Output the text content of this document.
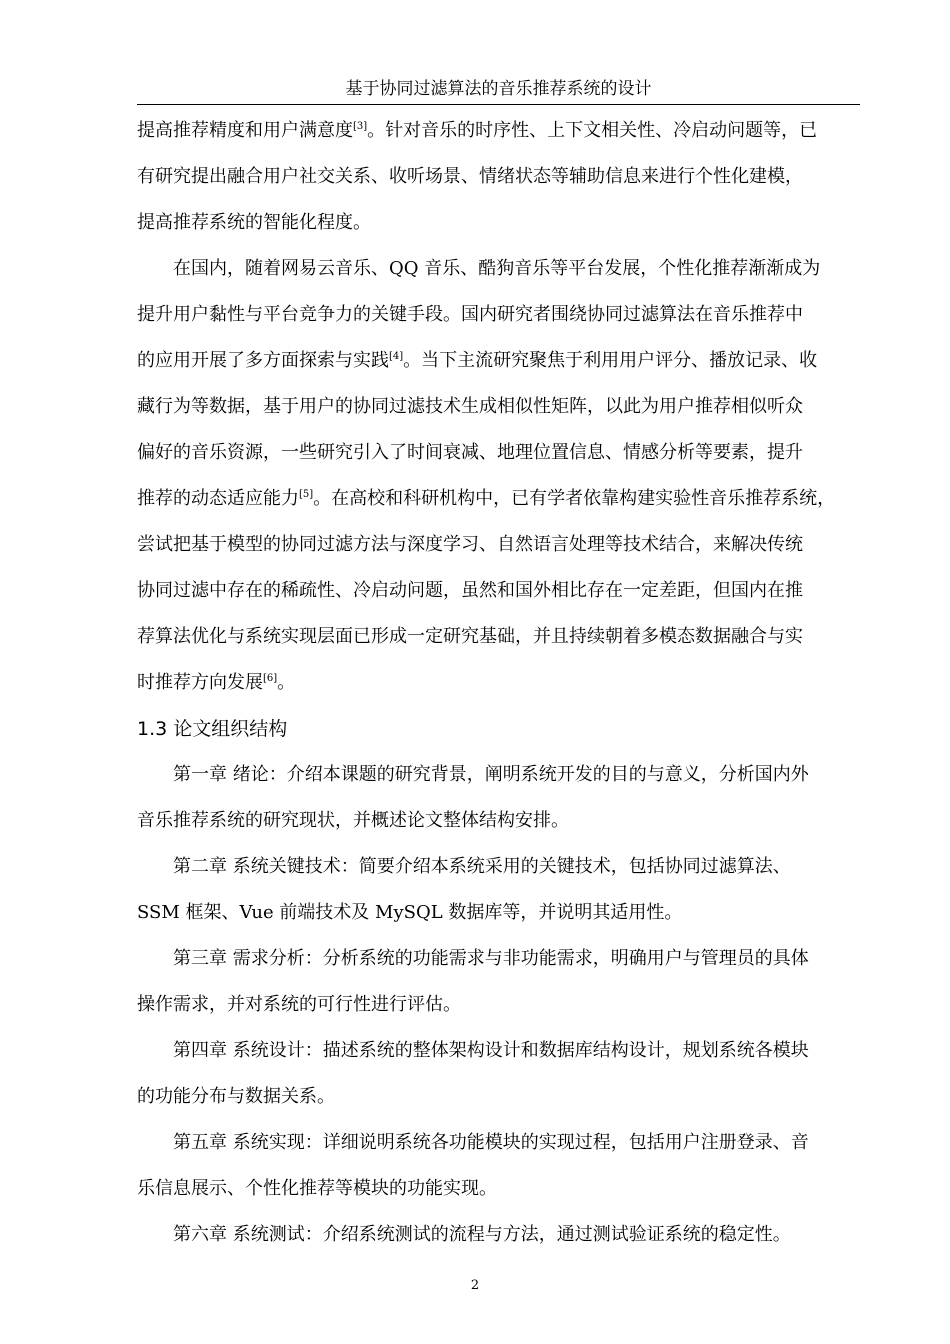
基于协同过滤算法的音乐推荐系统的设计

提高推荐精度和用户满意度[3]。针对音乐的时序性、上下文相关性、冷启动问题等，已
有研究提出融合用户社交关系、收听场景、情绪状态等辅助信息来进行个性化建模，
提高推荐系统的智能化程度。

在国内，随着网易云音乐、QQ 音乐、酷狗音乐等平台发展，个性化推荐渐渐成为
提升用户黏性与平台竞争力的关键手段。国内研究者围绕协同过滤算法在音乐推荐中
的应用开展了多方面探索与实践[4]。当下主流研究聚焦于利用用户评分、播放记录、收
藏行为等数据，基于用户的协同过滤技术生成相似性矩阵，以此为用户推荐相似听众
偏好的音乐资源，一些研究引入了时间衰减、地理位置信息、情感分析等要素，提升
推荐的动态适应能力[5]。在高校和科研机构中，已有学者依靠构建实验性音乐推荐系统，
尝试把基于模型的协同过滤方法与深度学习、自然语言处理等技术结合，来解决传统
协同过滤中存在的稀疏性、冷启动问题，虽然和国外相比存在一定差距，但国内在推
荐算法优化与系统实现层面已形成一定研究基础，并且持续朝着多模态数据融合与实
时推荐方向发展[6]。

1.3 论文组织结构

第一章 绪论：介绍本课题的研究背景，阐明系统开发的目的与意义，分析国内外
音乐推荐系统的研究现状，并概述论文整体结构安排。

第二章 系统关键技术：简要介绍本系统采用的关键技术，包括协同过滤算法、
SSM 框架、Vue 前端技术及 MySQL 数据库等，并说明其适用性。

第三章 需求分析：分析系统的功能需求与非功能需求，明确用户与管理员的具体
操作需求，并对系统的可行性进行评估。

第四章 系统设计：描述系统的整体架构设计和数据库结构设计，规划系统各模块
的功能分布与数据关系。

第五章 系统实现：详细说明系统各功能模块的实现过程，包括用户注册登录、音
乐信息展示、个性化推荐等模块的功能实现。

第六章 系统测试：介绍系统测试的流程与方法，通过测试验证系统的稳定性。

2
